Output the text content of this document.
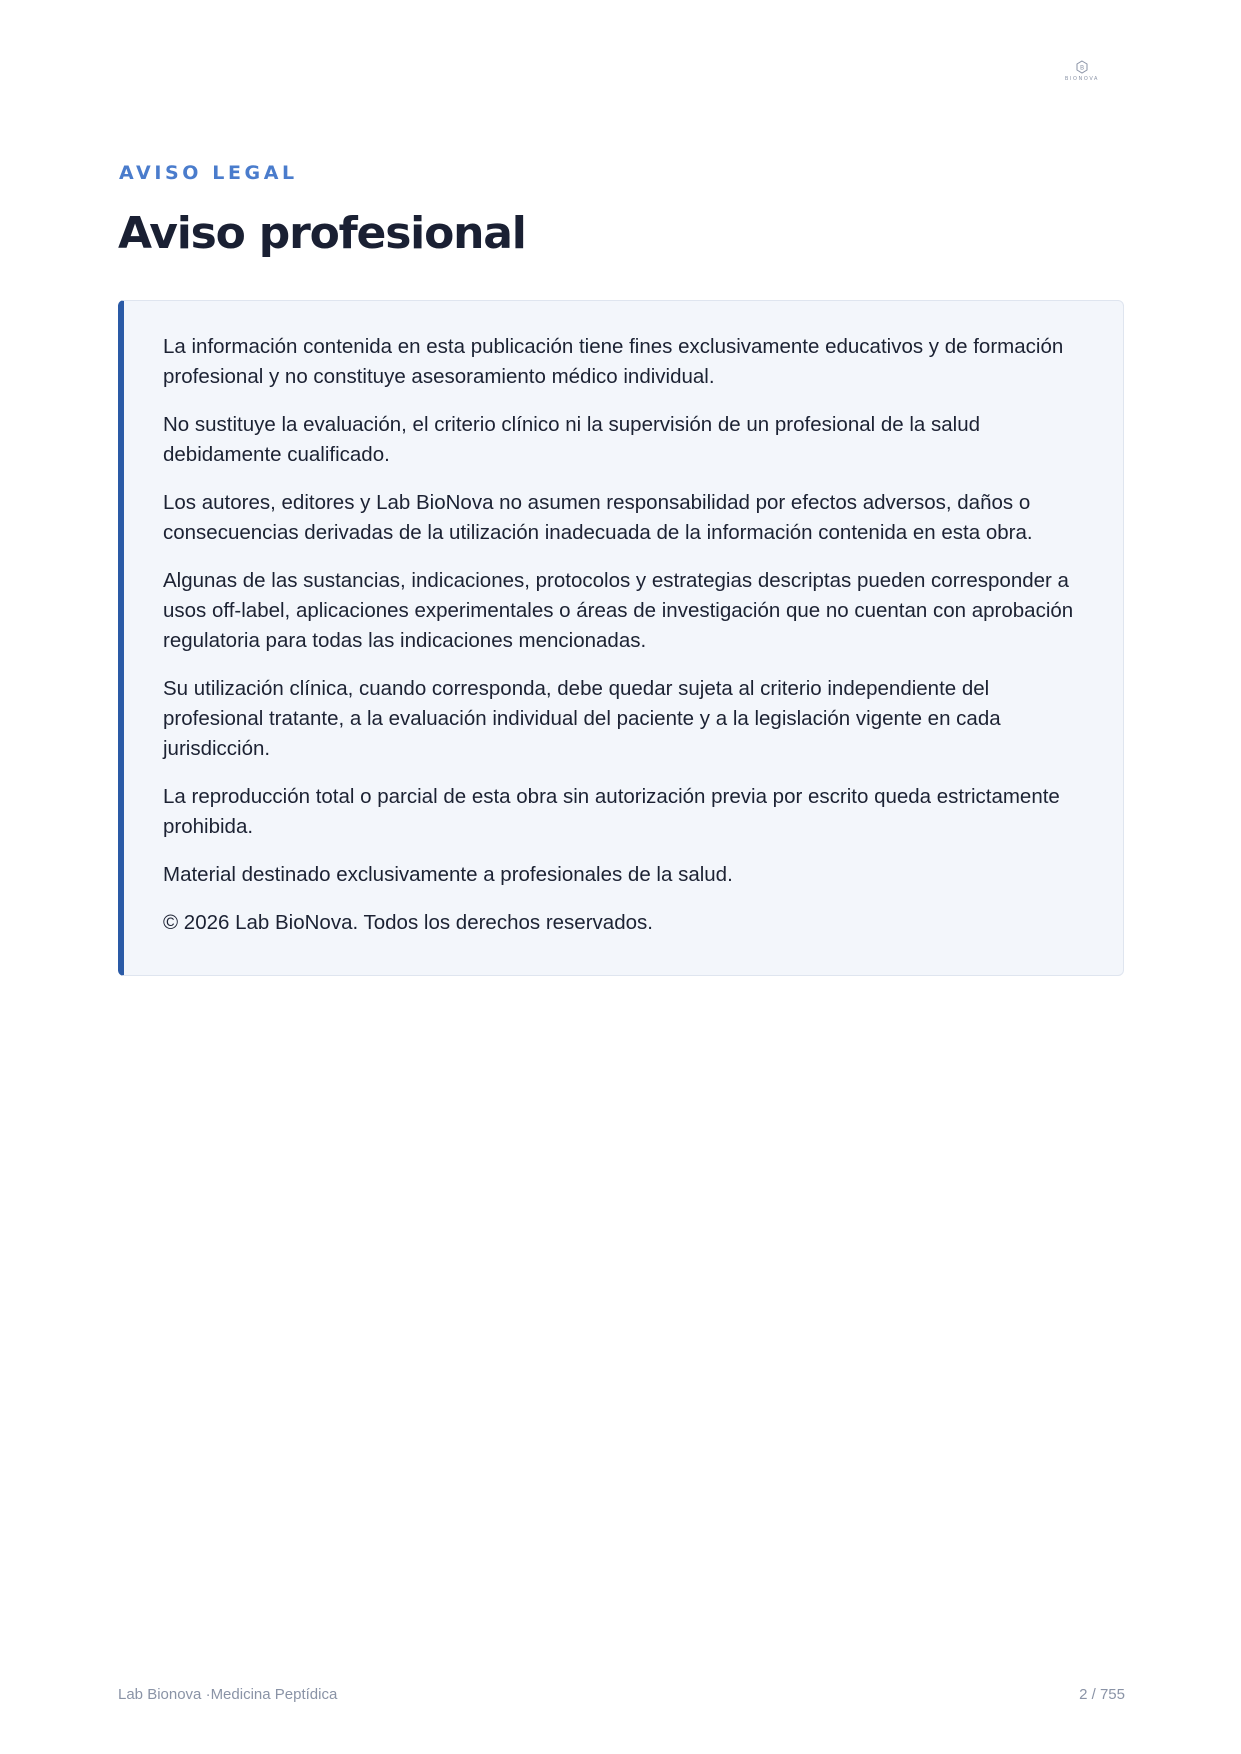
B
BIONOVA
AVISO LEGAL
Aviso profesional

La información contenida en esta publicación tiene fines exclusivamente educativos y de formación profesional y no constituye asesoramiento médico individual.

No sustituye la evaluación, el criterio clínico ni la supervisión de un profesional de la salud debidamente cualificado.

Los autores, editores y Lab BioNova no asumen responsabilidad por efectos adversos, daños o consecuencias derivadas de la utilización inadecuada de la información contenida en esta obra.

Algunas de las sustancias, indicaciones, protocolos y estrategias descriptas pueden corresponder a usos off-label, aplicaciones experimentales o áreas de investigación que no cuentan con aprobación regulatoria para todas las indicaciones mencionadas.

Su utilización clínica, cuando corresponda, debe quedar sujeta al criterio independiente del profesional tratante, a la evaluación individual del paciente y a la legislación vigente en cada jurisdicción.

La reproducción total o parcial de esta obra sin autorización previa por escrito queda estrictamente prohibida.

Material destinado exclusivamente a profesionales de la salud.

© 2026 Lab BioNova. Todos los derechos reservados.

Lab Bionova ·Medicina Peptídica	2 / 755
